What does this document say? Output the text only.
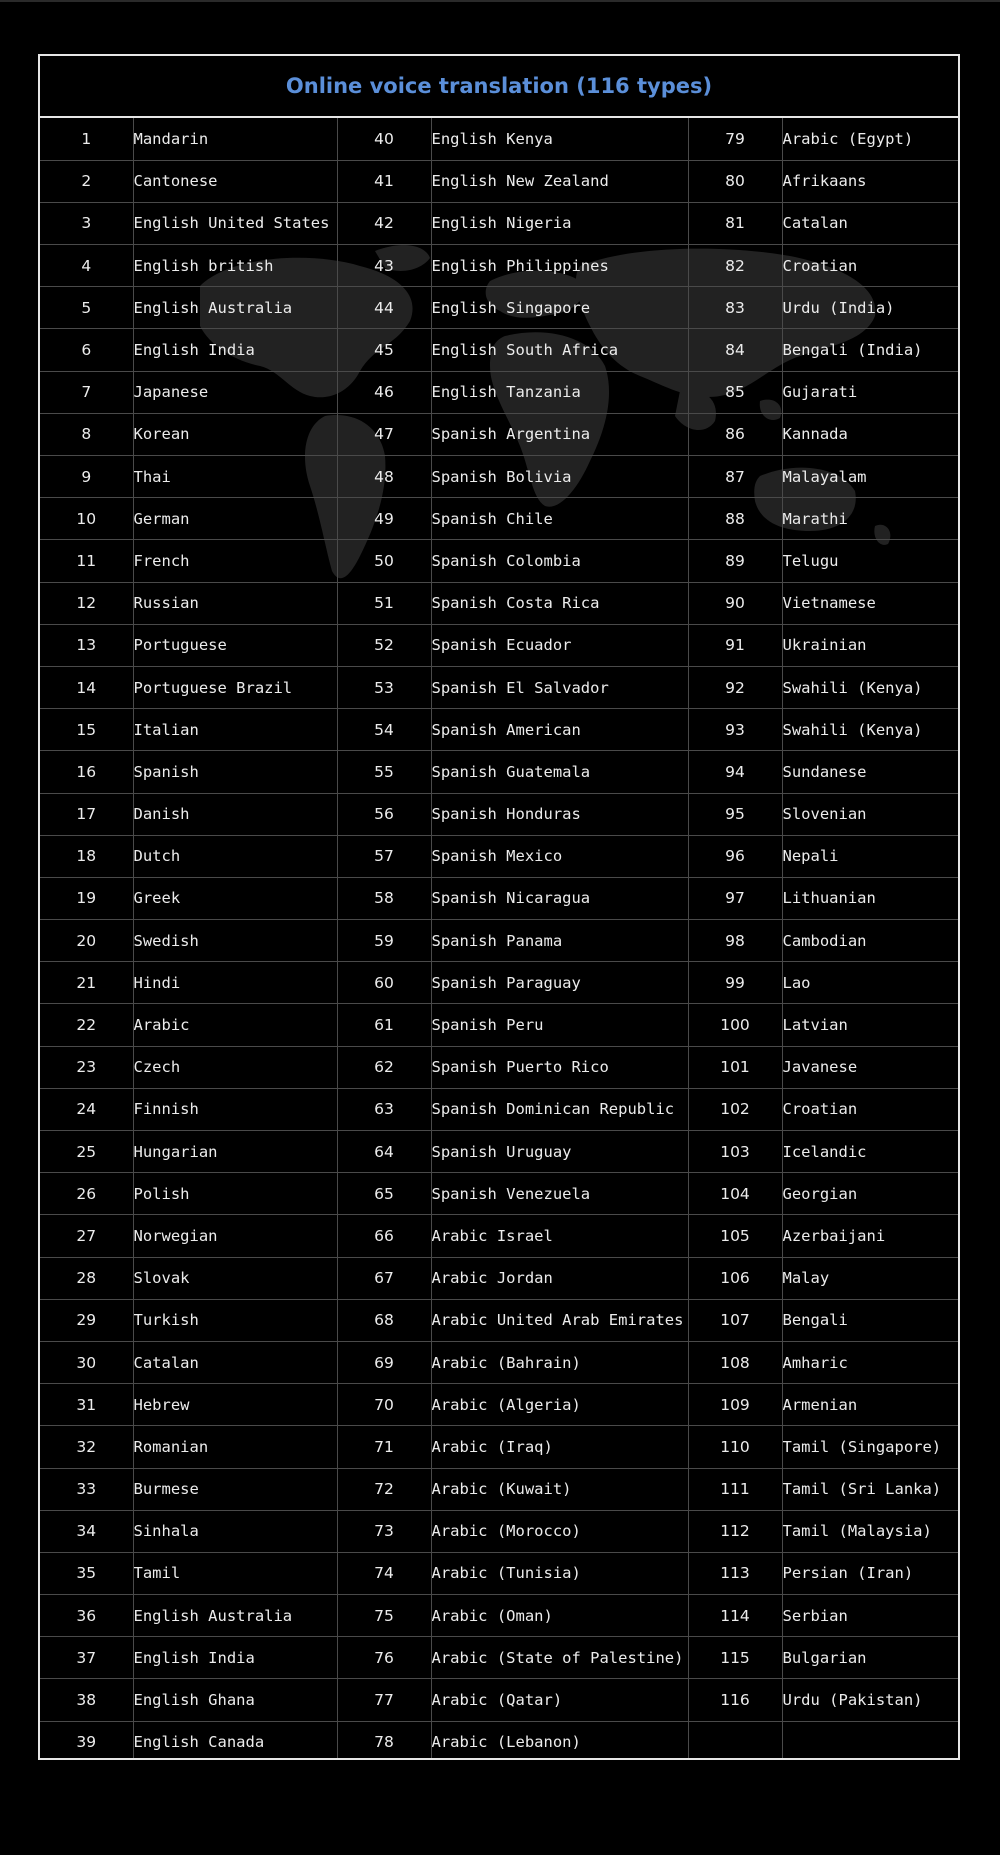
Online voice translation (116 types)
1	Mandarin	40	English Kenya	79	Arabic (Egypt)
2	Cantonese	41	English New Zealand	80	Afrikaans
3	English United States	42	English Nigeria	81	Catalan
4	English british	43	English Philippines	82	Croatian
5	English Australia	44	English Singapore	83	Urdu (India)
6	English India	45	English South Africa	84	Bengali (India)
7	Japanese	46	English Tanzania	85	Gujarati
8	Korean	47	Spanish Argentina	86	Kannada
9	Thai	48	Spanish Bolivia	87	Malayalam
10	German	49	Spanish Chile	88	Marathi
11	French	50	Spanish Colombia	89	Telugu
12	Russian	51	Spanish Costa Rica	90	Vietnamese
13	Portuguese	52	Spanish Ecuador	91	Ukrainian
14	Portuguese Brazil	53	Spanish El Salvador	92	Swahili (Kenya)
15	Italian	54	Spanish American	93	Swahili (Kenya)
16	Spanish	55	Spanish Guatemala	94	Sundanese
17	Danish	56	Spanish Honduras	95	Slovenian
18	Dutch	57	Spanish Mexico	96	Nepali
19	Greek	58	Spanish Nicaragua	97	Lithuanian
20	Swedish	59	Spanish Panama	98	Cambodian
21	Hindi	60	Spanish Paraguay	99	Lao
22	Arabic	61	Spanish Peru	100	Latvian
23	Czech	62	Spanish Puerto Rico	101	Javanese
24	Finnish	63	Spanish Dominican Republic	102	Croatian
25	Hungarian	64	Spanish Uruguay	103	Icelandic
26	Polish	65	Spanish Venezuela	104	Georgian
27	Norwegian	66	Arabic Israel	105	Azerbaijani
28	Slovak	67	Arabic Jordan	106	Malay
29	Turkish	68	Arabic United Arab Emirates	107	Bengali
30	Catalan	69	Arabic (Bahrain)	108	Amharic
31	Hebrew	70	Arabic (Algeria)	109	Armenian
32	Romanian	71	Arabic (Iraq)	110	Tamil (Singapore)
33	Burmese	72	Arabic (Kuwait)	111	Tamil (Sri Lanka)
34	Sinhala	73	Arabic (Morocco)	112	Tamil (Malaysia)
35	Tamil	74	Arabic (Tunisia)	113	Persian (Iran)
36	English Australia	75	Arabic (Oman)	114	Serbian
37	English India	76	Arabic (State of Palestine)	115	Bulgarian
38	English Ghana	77	Arabic (Qatar)	116	Urdu (Pakistan)
39	English Canada	78	Arabic (Lebanon)		
